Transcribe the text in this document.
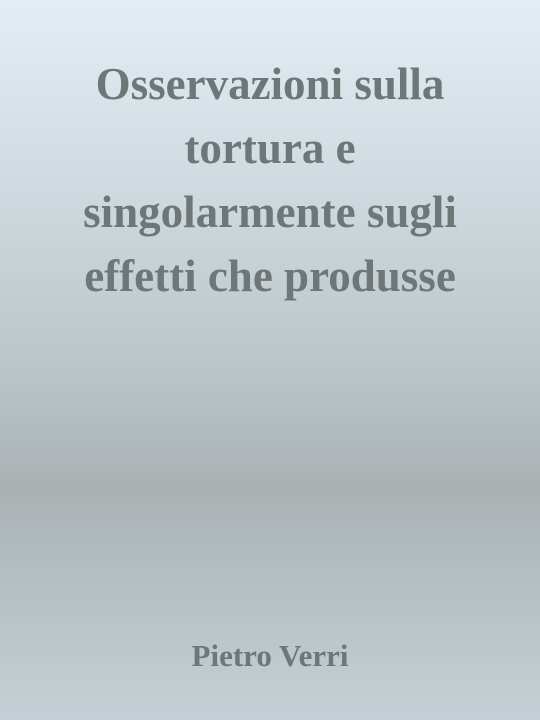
Osservazioni sulla
tortura e
singolarmente sugli
effetti che produsse

Pietro Verri
